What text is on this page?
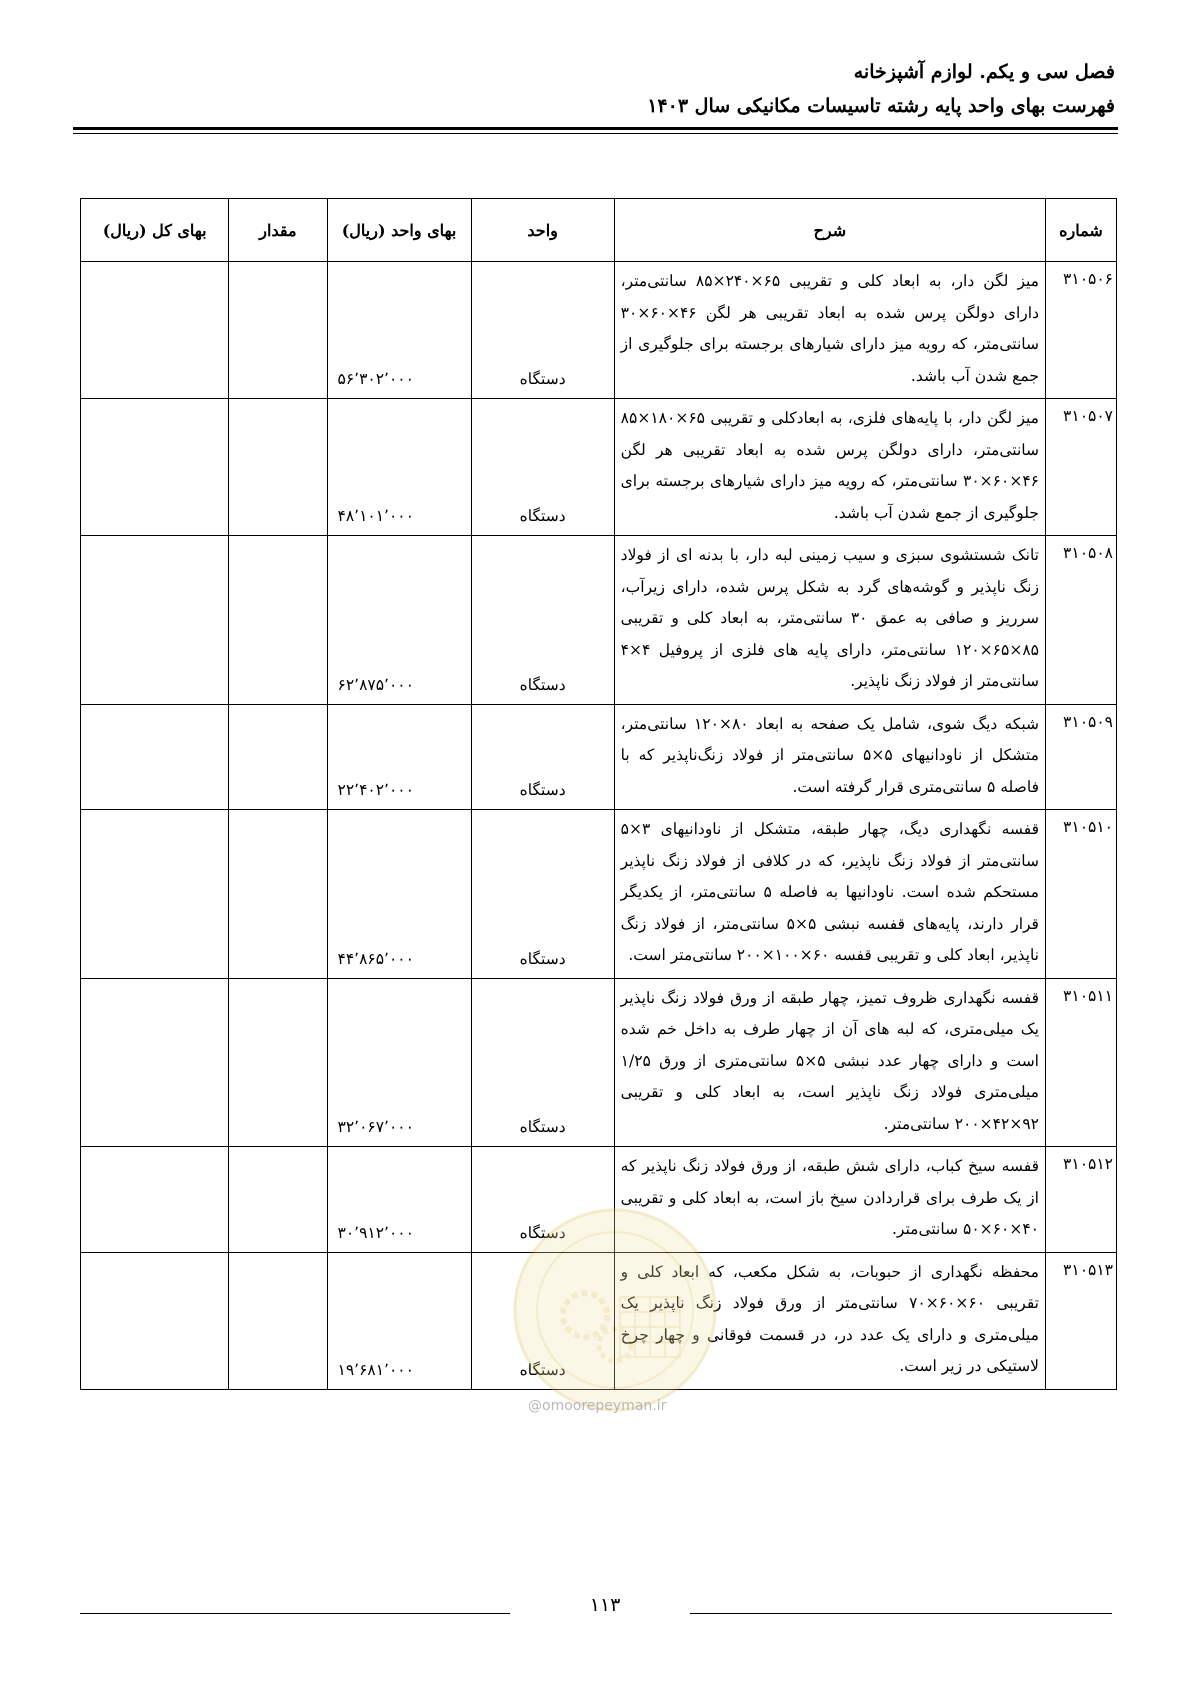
فصل سی و یکم. لوازم آشپزخانه
فهرست بهای واحد پایه رشته تاسیسات مکانیکی سال ۱۴۰۳
شماره	شرح	واحد	بهای واحد (ریال)	مقدار	بهای کل (ریال)
۳۱۰۵۰۶	میز لگن دار، به ابعاد کلی و تقریبی ۶۵×۲۴۰×۸۵ سانتی‌متر، دارای دولگن پرس شده به ابعاد تقریبی هر لگن ۴۶×۶۰×۳۰ سانتی‌متر، که رویه میز دارای شیارهای برجسته برای جلوگیری از جمع شدن آب باشد.	دستگاه	۵۶٬۳۰۲٬۰۰۰		
۳۱۰۵۰۷	میز لگن دار، با پایه‌های فلزی، به ابعادکلی و تقریبی ۶۵×۱۸۰×۸۵ سانتی‌متر، دارای دولگن پرس شده به ابعاد تقریبی هر لگن ۴۶×۶۰×۳۰ سانتی‌متر، که رویه میز دارای شیارهای برجسته برای جلوگیری از جمع شدن آب باشد.	دستگاه	۴۸٬۱۰۱٬۰۰۰		
۳۱۰۵۰۸	تانک شستشوی سبزی و سیب زمینی لبه دار، با بدنه ای از فولاد زنگ ناپذیر و گوشه‌های گرد به شکل پرس شده، دارای زیرآب، سرریز و صافی به عمق ۳۰ سانتی‌متر، به ابعاد کلی و تقریبی ۸۵×۶۵×۱۲۰ سانتی‌متر، دارای پایه های فلزی از پروفیل ۴×۴ سانتی‌متر از فولاد زنگ ناپذیر.	دستگاه	۶۲٬۸۷۵٬۰۰۰		
۳۱۰۵۰۹	شبکه دیگ شوی، شامل یک صفحه به ابعاد ۸۰×۱۲۰ سانتی‌متر، متشکل از ناودانیهای ۵×۵ سانتی‌متر از فولاد زنگ‌ناپذیر که با فاصله ۵ سانتی‌متری قرار گرفته است.	دستگاه	۲۲٬۴۰۲٬۰۰۰		
۳۱۰۵۱۰	قفسه نگهداری دیگ، چهار طبقه، متشکل از ناودانیهای ۳×۵ سانتی‌متر از فولاد زنگ ناپذیر، که در کلافی از فولاد زنگ ناپذیر مستحکم شده است. ناودانیها به فاصله ۵ سانتی‌متر، از یکدیگر قرار دارند، پایه‌های قفسه نبشی ۵×۵ سانتی‌متر، از فولاد زنگ ناپذیر، ابعاد کلی و تقریبی قفسه ۶۰×۱۰۰×۲۰۰ سانتی‌متر است.	دستگاه	۴۴٬۸۶۵٬۰۰۰		
۳۱۰۵۱۱	قفسه نگهداری ظروف تمیز، چهار طبقه از ورق فولاد زنگ ناپذیر یک میلی‌متری، که لبه های آن از چهار طرف به داخل خم شده است و دارای چهار عدد نبشی ۵×۵ سانتی‌متری از ورق ۱/۲۵ میلی‌متری فولاد زنگ ناپذیر است، به ابعاد کلی و تقریبی ۹۲×۴۲×۲۰۰ سانتی‌متر.	دستگاه	۳۲٬۰۶۷٬۰۰۰		
۳۱۰۵۱۲	قفسه سیخ کباب، دارای شش طبقه، از ورق فولاد زنگ ناپذیر که از یک طرف برای قراردادن سیخ باز است، به ابعاد کلی و تقریبی ۴۰×۶۰×۵۰ سانتی‌متر.	دستگاه	۳۰٬۹۱۲٬۰۰۰		
۳۱۰۵۱۳	محفظه نگهداری از حبوبات، به شکل مکعب، که ابعاد کلی و تقریبی ۶۰×۶۰×۷۰ سانتی‌متر از ورق فولاد زنگ ناپذیر یک میلی‌متری و دارای یک عدد در، در قسمت فوقانی و چهار چرخ لاستیکی در زیر است.	دستگاه	۱۹٬۶۸۱٬۰۰۰		
@omoorepeyman.ir
۱۱۳
